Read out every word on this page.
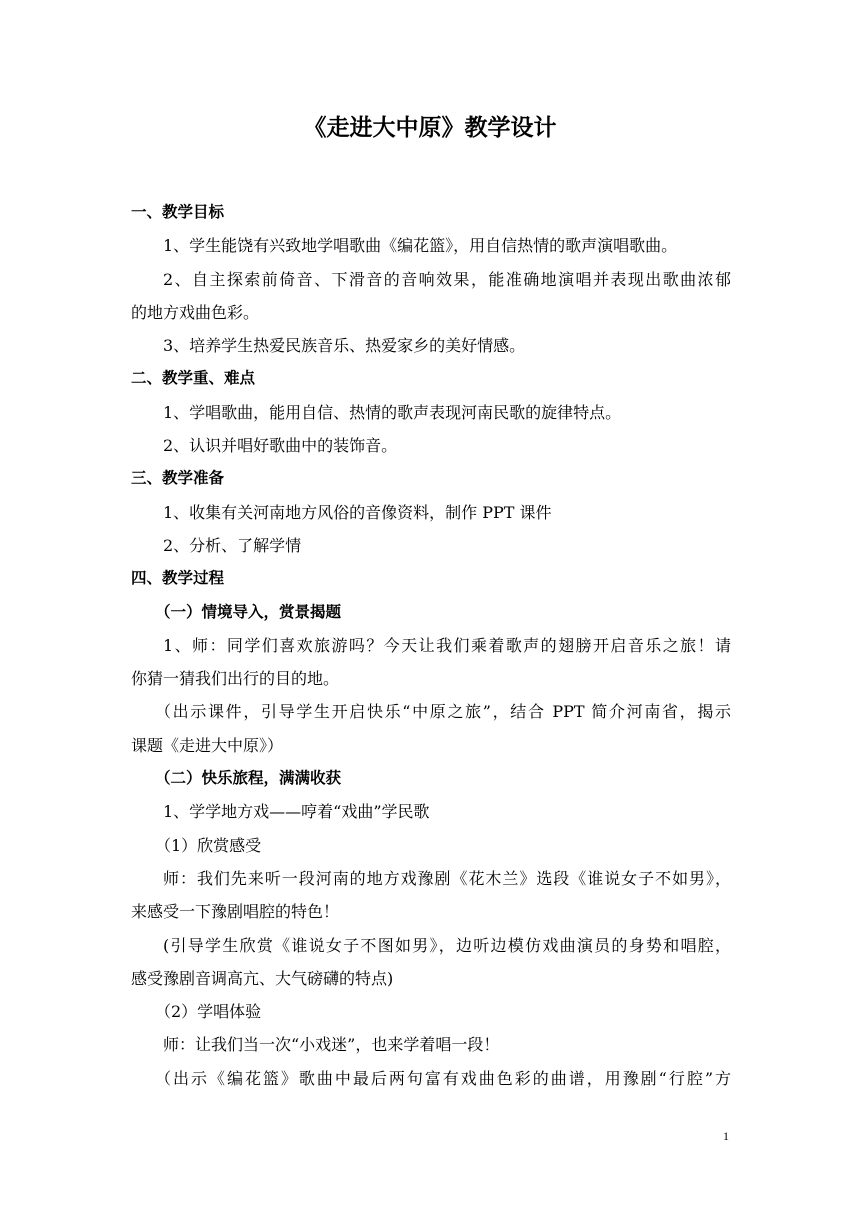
《走进大中原》教学设计
一、教学目标
1、学生能饶有兴致地学唱歌曲《编花篮》，用自信热情的歌声演唱歌曲。
2、自主探索前倚音、下滑音的音响效果，能准确地演唱并表现出歌曲浓郁
的地方戏曲色彩。
3、培养学生热爱民族音乐、热爱家乡的美好情感。
二、教学重、难点
1、学唱歌曲，能用自信、热情的歌声表现河南民歌的旋律特点。
2、认识并唱好歌曲中的装饰音。
三、教学准备
1、收集有关河南地方风俗的音像资料，制作 PPT 课件
2、分析、了解学情
四、教学过程
（一）情境导入，赏景揭题
1、师：同学们喜欢旅游吗？今天让我们乘着歌声的翅膀开启音乐之旅！请
你猜一猜我们出行的目的地。
（出示课件，引导学生开启快乐“中原之旅”，结合 PPT 简介河南省，揭示
课题《走进大中原》）
（二）快乐旅程，满满收获
1、学学地方戏——哼着“戏曲”学民歌
（1）欣赏感受
师：我们先来听一段河南的地方戏豫剧《花木兰》选段《谁说女子不如男》，
来感受一下豫剧唱腔的特色！
(引导学生欣赏《谁说女子不图如男》，边听边模仿戏曲演员的身势和唱腔，
感受豫剧音调高亢、大气磅礴的特点)
（2）学唱体验
师：让我们当一次“小戏迷”，也来学着唱一段！
（出示《编花篮》歌曲中最后两句富有戏曲色彩的曲谱，用豫剧“行腔”方
1
